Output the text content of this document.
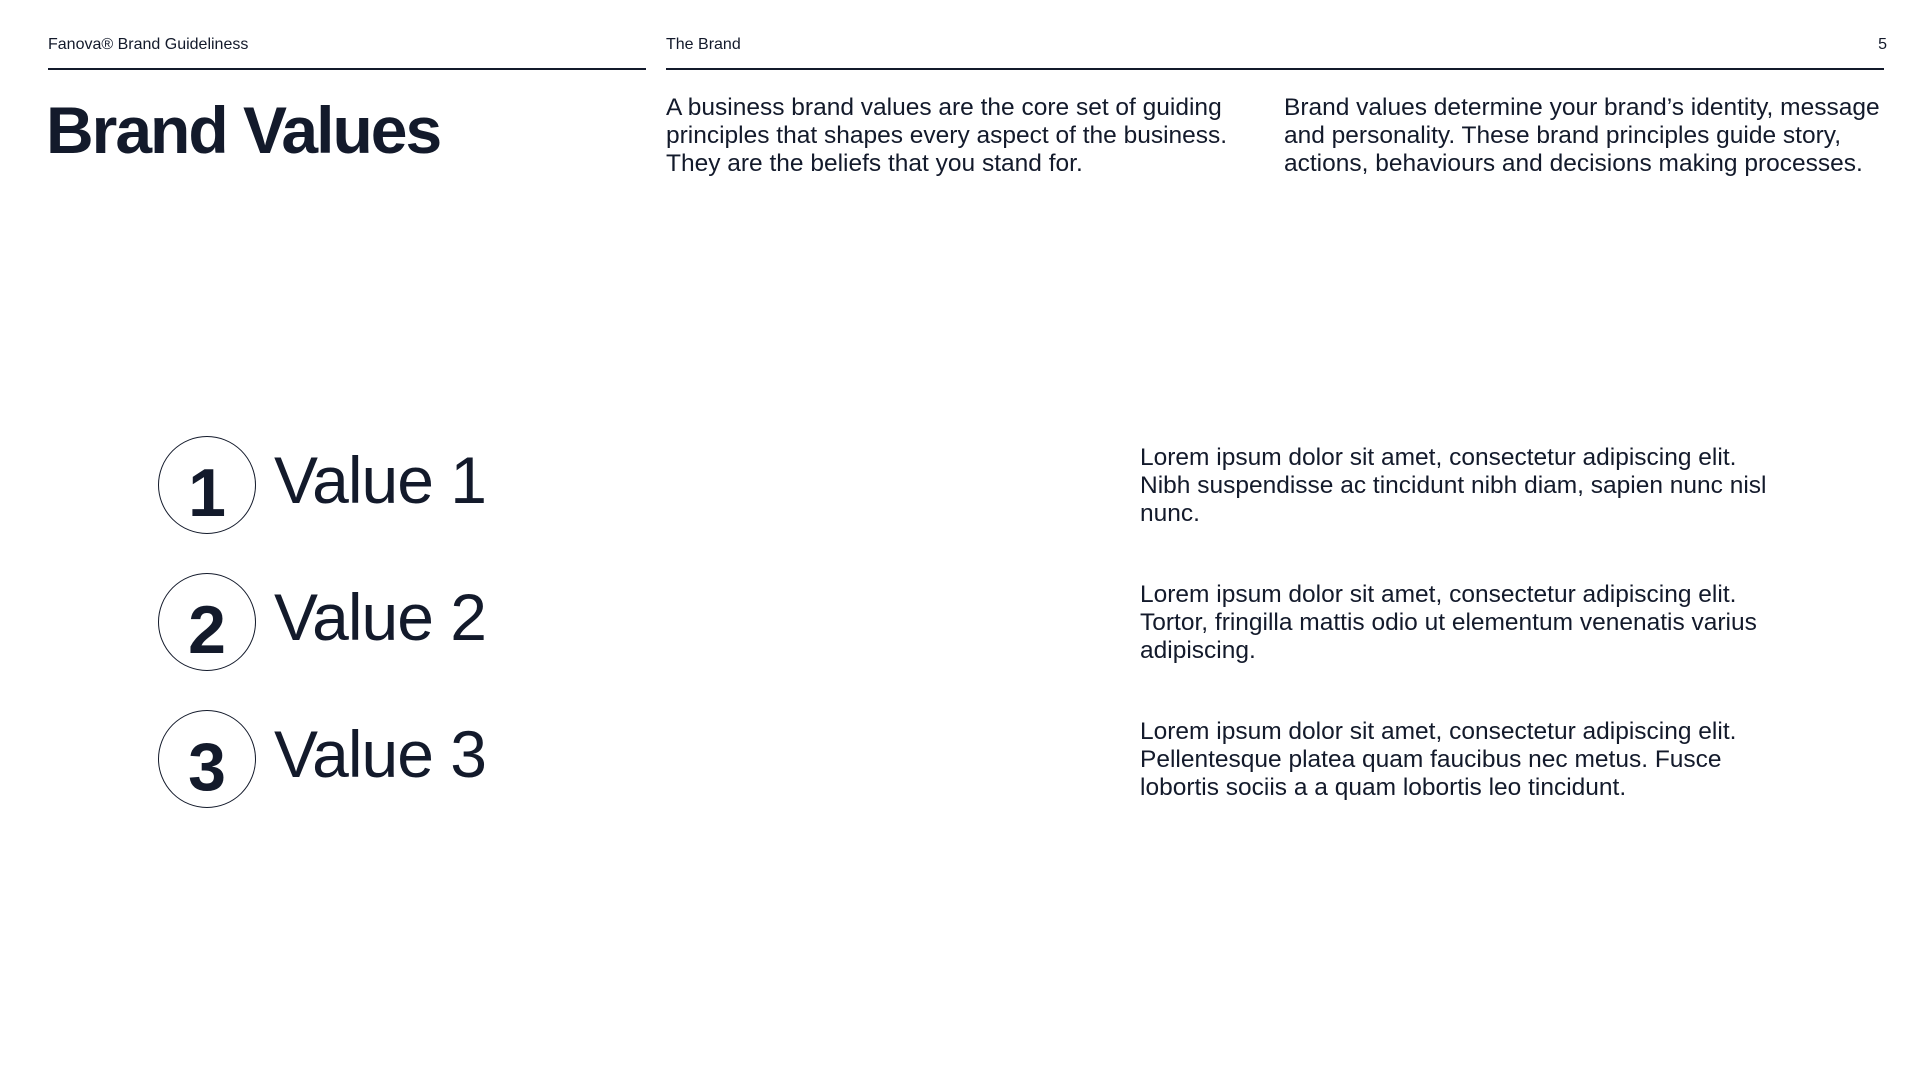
Fanova® Brand Guideliness	The Brand	5
Brand Values	A business brand values are the core set of guiding principles that shapes every aspect of the business. They are the beliefs that you stand for.

Brand values determine your brand’s identity, message and personality. These brand principles guide story, actions, behaviours and decisions making processes.

1 Value 1	Lorem ipsum dolor sit amet, consectetur adipiscing elit. Nibh suspendisse ac tincidunt nibh diam, sapien nunc nisl nunc.

2 Value 2	Lorem ipsum dolor sit amet, consectetur adipiscing elit. Tortor, fringilla mattis odio ut elementum venenatis varius adipiscing.

3 Value 3	Lorem ipsum dolor sit amet, consectetur adipiscing elit. Pellentesque platea quam faucibus nec metus. Fusce lobortis sociis a a quam lobortis leo tincidunt.
